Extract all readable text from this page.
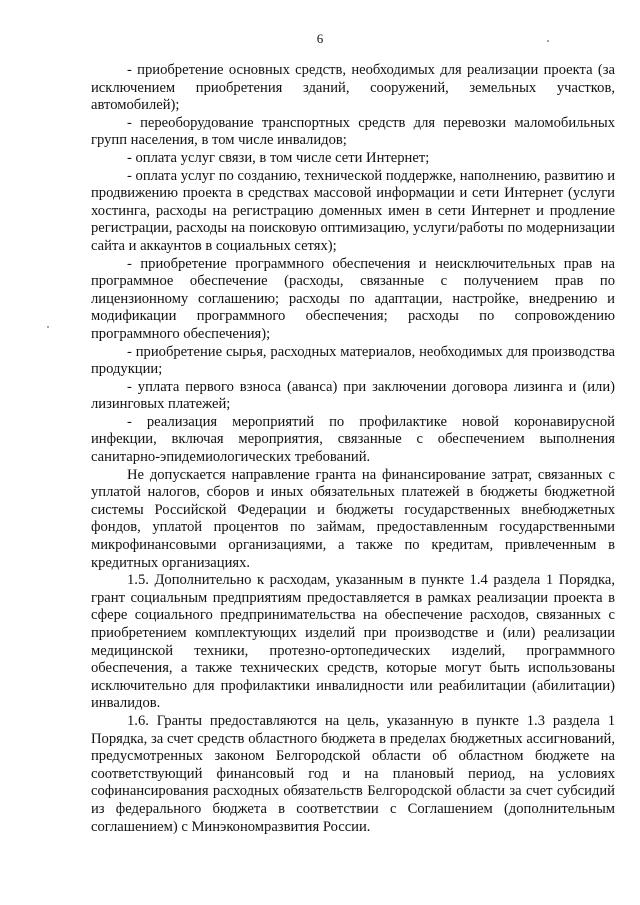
6

- приобретение основных средств, необходимых для реализации проекта (за исключением приобретения зданий, сооружений, земельных участков, автомобилей);

- переоборудование транспортных средств для перевозки маломобильных групп населения, в том числе инвалидов;

- оплата услуг связи, в том числе сети Интернет;

- оплата услуг по созданию, технической поддержке, наполнению, развитию и продвижению проекта в средствах массовой информации и сети Интернет (услуги хостинга, расходы на регистрацию доменных имен в сети Интернет и продление регистрации, расходы на поисковую оптимизацию, услуги/работы по модернизации сайта и аккаунтов в социальных сетях);

- приобретение программного обеспечения и неисключительных прав на программное обеспечение (расходы, связанные с получением прав по лицензионному соглашению; расходы по адаптации, настройке, внедрению и модификации программного обеспечения; расходы по сопровождению программного обеспечения);

- приобретение сырья, расходных материалов, необходимых для производства продукции;

- уплата первого взноса (аванса) при заключении договора лизинга и (или) лизинговых платежей;

- реализация мероприятий по профилактике новой коронавирусной инфекции, включая мероприятия, связанные с обеспечением выполнения санитарно-эпидемиологических требований.

Не допускается направление гранта на финансирование затрат, связанных с уплатой налогов, сборов и иных обязательных платежей в бюджеты бюджетной системы Российской Федерации и бюджеты государственных внебюджетных фондов, уплатой процентов по займам, предоставленным государственными микрофинансовыми организациями, а также по кредитам, привлеченным в кредитных организациях.

1.5. Дополнительно к расходам, указанным в пункте 1.4 раздела 1 Порядка, грант социальным предприятиям предоставляется в рамках реализации проекта в сфере социального предпринимательства на обеспечение расходов, связанных с приобретением комплектующих изделий при производстве и (или) реализации медицинской техники, протезно-ортопедических изделий, программного обеспечения, а также технических средств, которые могут быть использованы исключительно для профилактики инвалидности или реабилитации (абилитации) инвалидов.

1.6. Гранты предоставляются на цель, указанную в пункте 1.3 раздела 1 Порядка, за счет средств областного бюджета в пределах бюджетных ассигнований, предусмотренных законом Белгородской области об областном бюджете на соответствующий финансовый год и на плановый период, на условиях софинансирования расходных обязательств Белгородской области за счет субсидий из федерального бюджета в соответствии с Соглашением (дополнительным соглашением) с Минэкономразвития России.
